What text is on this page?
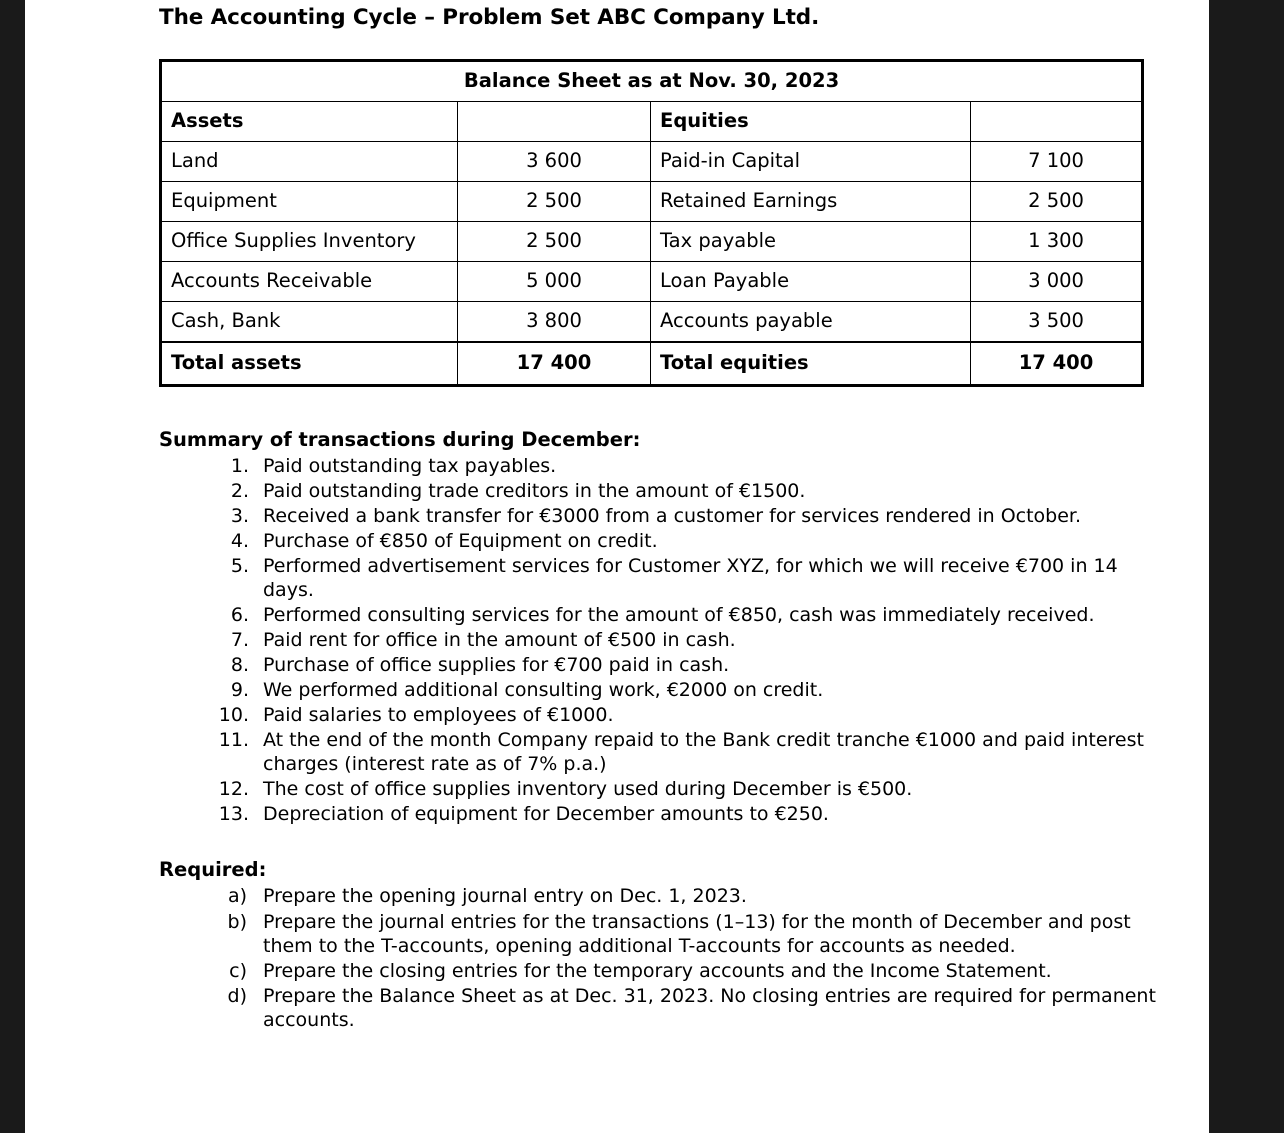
The Accounting Cycle – Problem Set ABC Company Ltd.
Balance Sheet as at Nov. 30, 2023			
Assets		Equities	
Land	3 600	Paid-in Capital	7 100
Equipment	2 500	Retained Earnings	2 500
Office Supplies Inventory	2 500	Tax payable	1 300
Accounts Receivable	5 000	Loan Payable	3 000
Cash, Bank	3 800	Accounts payable	3 500
Total assets	17 400	Total equities	17 400
Summary of transactions during December:
1. Paid outstanding tax payables.
2. Paid outstanding trade creditors in the amount of €1500.
3. Received a bank transfer for €3000 from a customer for services rendered in October.
4. Purchase of €850 of Equipment on credit.
5. Performed advertisement services for Customer XYZ, for which we will receive €700 in 14 days.
6. Performed consulting services for the amount of €850, cash was immediately received.
7. Paid rent for office in the amount of €500 in cash.
8. Purchase of office supplies for €700 paid in cash.
9. We performed additional consulting work, €2000 on credit.
10. Paid salaries to employees of €1000.
11. At the end of the month Company repaid to the Bank credit tranche €1000 and paid interest charges (interest rate as of 7% p.a.)
12. The cost of office supplies inventory used during December is €500.
13. Depreciation of equipment for December amounts to €250.
Required:
a) Prepare the opening journal entry on Dec. 1, 2023.
b) Prepare the journal entries for the transactions (1–13) for the month of December and post them to the T-accounts, opening additional T-accounts for accounts as needed.
c) Prepare the closing entries for the temporary accounts and the Income Statement.
d) Prepare the Balance Sheet as at Dec. 31, 2023. No closing entries are required for permanent accounts.
